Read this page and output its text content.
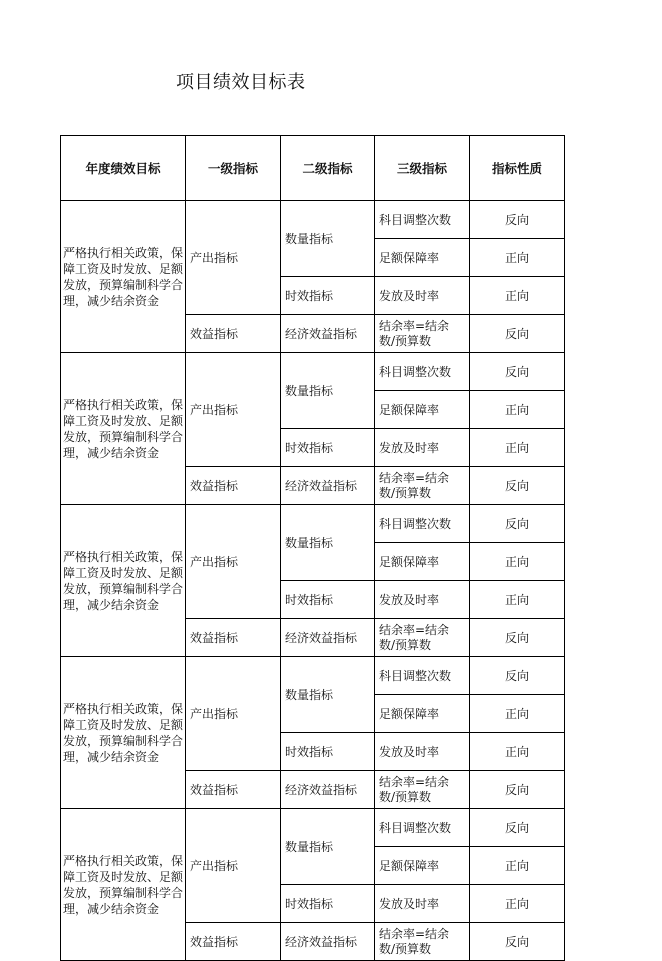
项目绩效目标表
年度绩效目标	一级指标	二级指标	三级指标	指标性质
严格执行相关政策，保障工资及时发放、足额发放，预算编制科学合理，减少结余资金	产出指标	数量指标	科目调整次数	反向
			足额保障率	正向
		时效指标	发放及时率	正向
	效益指标	经济效益指标	结余率=结余数/预算数	反向
严格执行相关政策，保障工资及时发放、足额发放，预算编制科学合理，减少结余资金	产出指标	数量指标	科目调整次数	反向
			足额保障率	正向
		时效指标	发放及时率	正向
	效益指标	经济效益指标	结余率=结余数/预算数	反向
严格执行相关政策，保障工资及时发放、足额发放，预算编制科学合理，减少结余资金	产出指标	数量指标	科目调整次数	反向
			足额保障率	正向
		时效指标	发放及时率	正向
	效益指标	经济效益指标	结余率=结余数/预算数	反向
严格执行相关政策，保障工资及时发放、足额发放，预算编制科学合理，减少结余资金	产出指标	数量指标	科目调整次数	反向
			足额保障率	正向
		时效指标	发放及时率	正向
	效益指标	经济效益指标	结余率=结余数/预算数	反向
严格执行相关政策，保障工资及时发放、足额发放，预算编制科学合理，减少结余资金	产出指标	数量指标	科目调整次数	反向
			足额保障率	正向
		时效指标	发放及时率	正向
	效益指标	经济效益指标	结余率=结余数/预算数	反向
